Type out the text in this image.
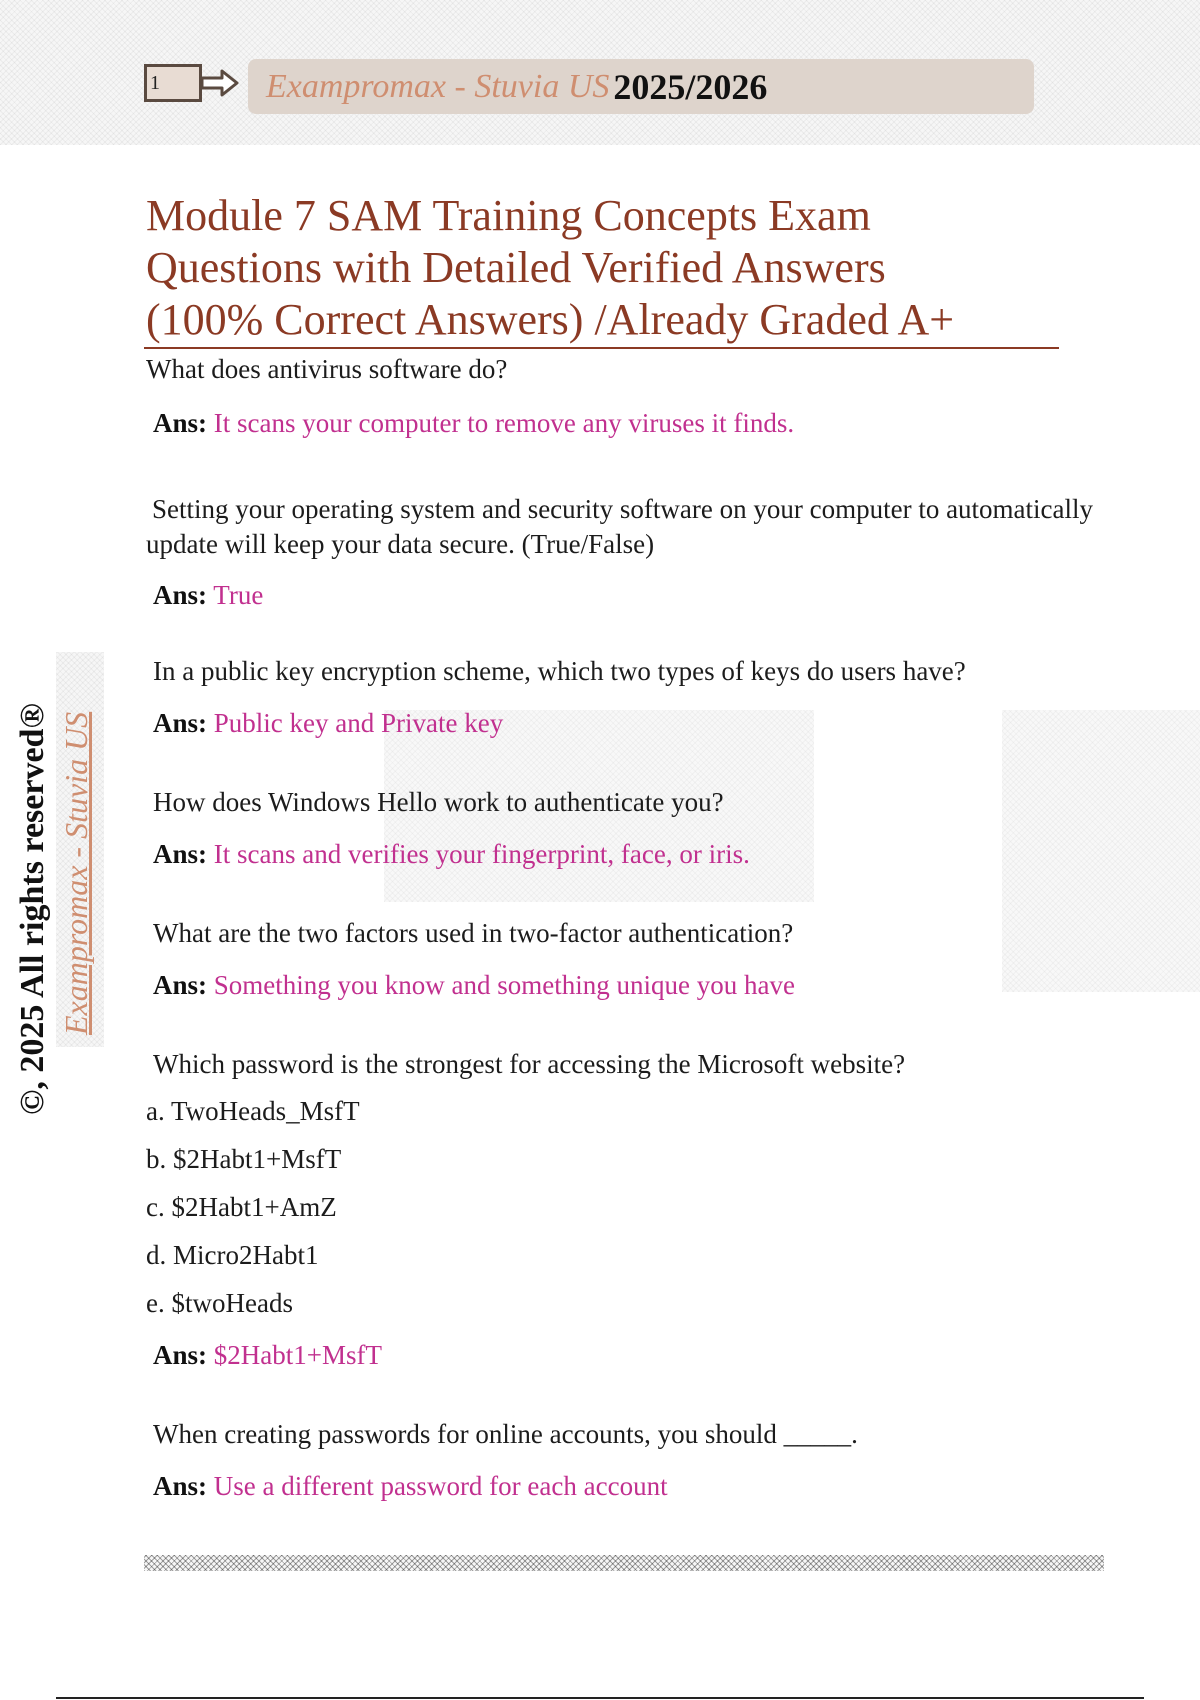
1	Exampromax - Stuvia US 2025/2026
©, 2025 All rights reserved® Exampromax - Stuvia US
Module 7 SAM Training Concepts Exam
Questions with Detailed Verified Answers
(100% Correct Answers) /Already Graded A+

What does antivirus software do?

Ans: It scans your computer to remove any viruses it finds.

Setting your operating system and security software on your computer to automatically update will keep your data secure. (True/False)

Ans: True

In a public key encryption scheme, which two types of keys do users have?

Ans: Public key and Private key

How does Windows Hello work to authenticate you?

Ans: It scans and verifies your fingerprint, face, or iris.

What are the two factors used in two-factor authentication?

Ans: Something you know and something unique you have

Which password is the strongest for accessing the Microsoft website?

a. TwoHeads_MsfT

b. $2Habt1+MsfT

c. $2Habt1+AmZ

d. Micro2Habt1

e. $twoHeads

Ans: $2Habt1+MsfT

When creating passwords for online accounts, you should _____.

Ans: Use a different password for each account
